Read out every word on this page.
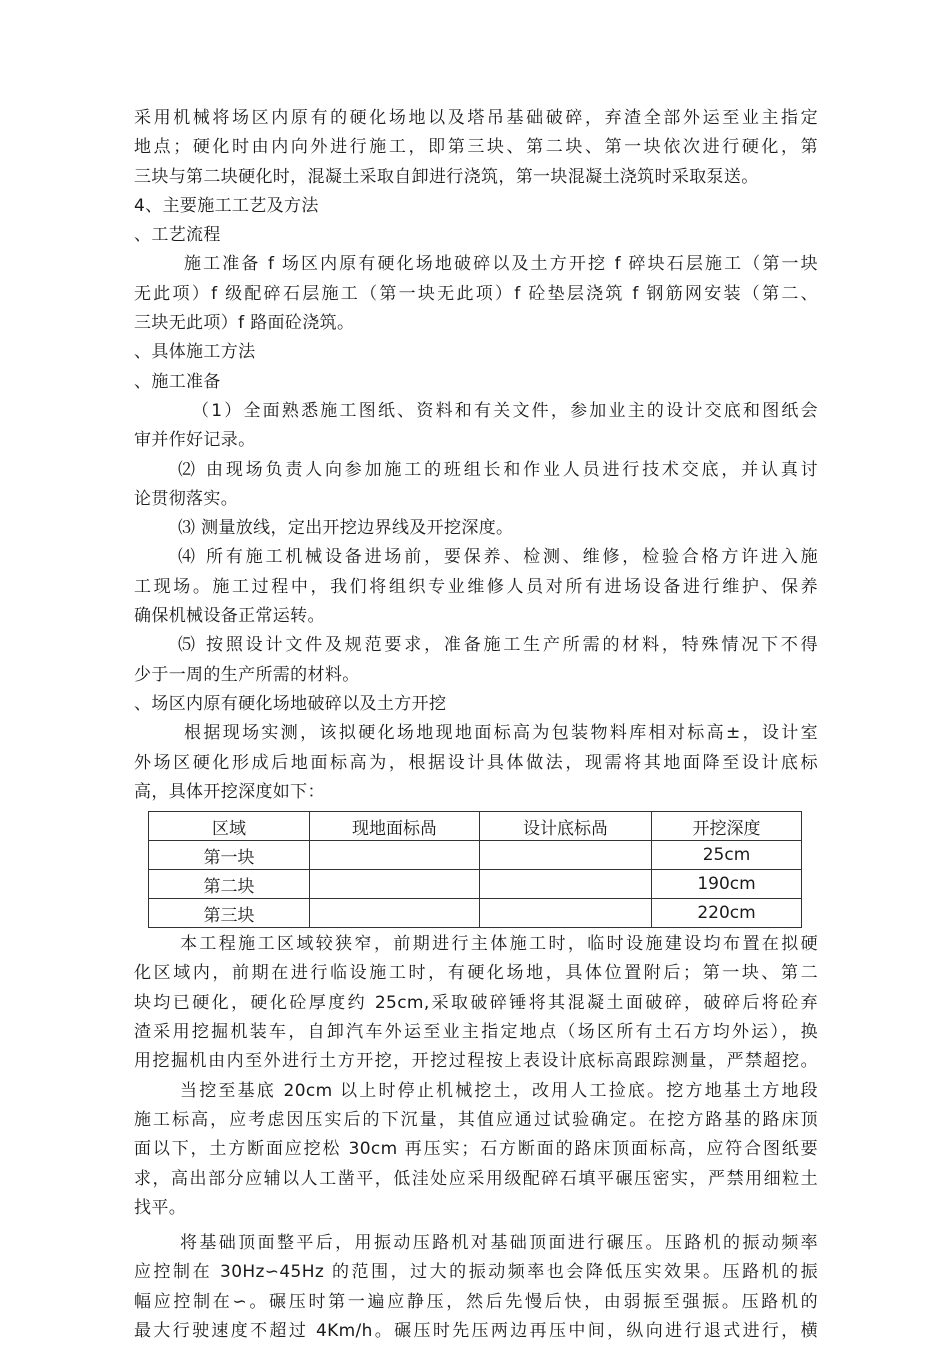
采用机械将场区内原有的硬化场地以及塔吊基础破碎，弃渣全部外运至业主指定
地点；硬化时由内向外进行施工，即第三块、第二块、第一块依次进行硬化，第
三块与第二块硬化时，混凝土采取自卸进行浇筑，第一块混凝土浇筑时采取泵送。
4、主要施工工艺及方法
、工艺流程
施工准备 f 场区内原有硬化场地破碎以及土方开挖 f 碎块石层施工（第一块
无此项）f 级配碎石层施工（第一块无此项）f 砼垫层浇筑 f 钢筋网安装（第二、
三块无此项）f 路面砼浇筑。
、具体施工方法
、施工准备
（1）全面熟悉施工图纸、资料和有关文件，参加业主的设计交底和图纸会
审并作好记录。
⑵ 由现场负责人向参加施工的班组长和作业人员进行技术交底，并认真讨
论贯彻落实。
⑶ 测量放线，定出开挖边界线及开挖深度。
⑷ 所有施工机械设备进场前，要保养、检测、维修，检验合格方许进入施
工现场。施工过程中，我们将组织专业维修人员对所有进场设备进行维护、保养
确保机械设备正常运转。
⑸ 按照设计文件及规范要求，准备施工生产所需的材料，特殊情况下不得
少于一周的生产所需的材料。
、场区内原有硬化场地破碎以及土方开挖
根据现场实测，该拟硬化场地现地面标高为包装物料库相对标高±，设计室
外场区硬化形成后地面标高为，根据设计具体做法，现需将其地面降至设计底标
高，具体开挖深度如下：
区域	现地面标咼	设计底标咼	开挖深度
第一块			25cm
第二块			190cm
第三块			220cm
本工程施工区域较狭窄，前期进行主体施工时，临时设施建设均布置在拟硬
化区域内，前期在进行临设施工时，有硬化场地，具体位置附后；第一块、第二
块均已硬化，硬化砼厚度约 25cm,采取破碎锤将其混凝土面破碎，破碎后将砼弃
渣采用挖掘机装车，自卸汽车外运至业主指定地点（场区所有土石方均外运），换
用挖掘机由内至外进行土方开挖，开挖过程按上表设计底标高跟踪测量，严禁超挖。
当挖至基底 20cm 以上时停止机械挖土，改用人工捡底。挖方地基土方地段
施工标高，应考虑因压实后的下沉量，其值应通过试验确定。在挖方路基的路床顶
面以下，土方断面应挖松 30cm 再压实；石方断面的路床顶面标高，应符合图纸要
求，高出部分应辅以人工凿平，低洼处应采用级配碎石填平碾压密实，严禁用细粒土
找平。
将基础顶面整平后，用振动压路机对基础顶面进行碾压。压路机的振动频率
应控制在 30Hz∽45Hz 的范围，过大的振动频率也会降低压实效果。压路机的振
幅应控制在∽。碾压时第一遍应静压，然后先慢后快，由弱振至强振。压路机的
最大行驶速度不超过 4Km/h。碾压时先压两边再压中间，纵向进行退式进行，横
